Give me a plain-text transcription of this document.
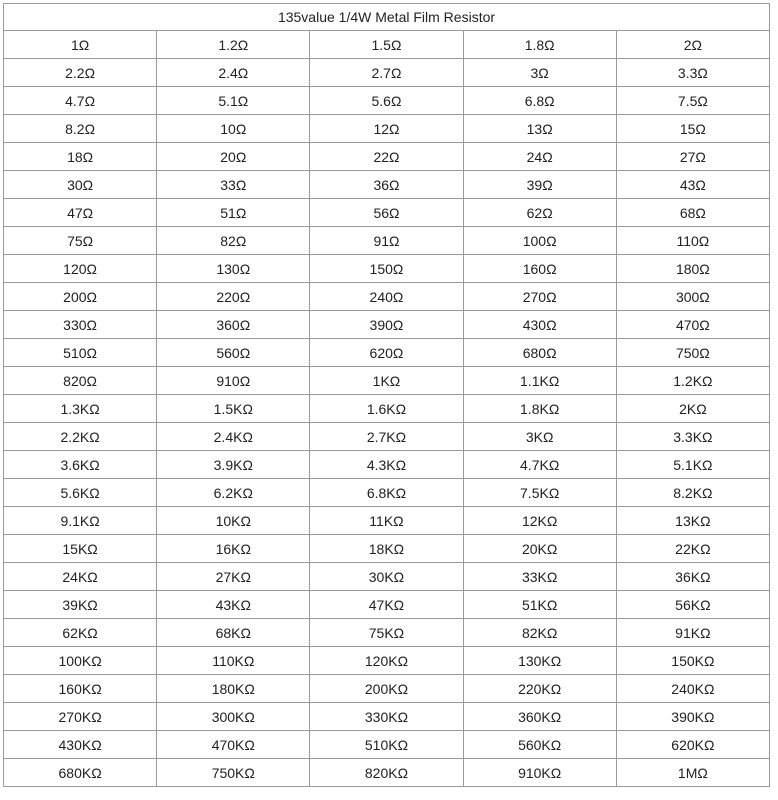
135value 1/4W Metal Film Resistor				
1Ω	1.2Ω	1.5Ω	1.8Ω	2Ω
2.2Ω	2.4Ω	2.7Ω	3Ω	3.3Ω
4.7Ω	5.1Ω	5.6Ω	6.8Ω	7.5Ω
8.2Ω	10Ω	12Ω	13Ω	15Ω
18Ω	20Ω	22Ω	24Ω	27Ω
30Ω	33Ω	36Ω	39Ω	43Ω
47Ω	51Ω	56Ω	62Ω	68Ω
75Ω	82Ω	91Ω	100Ω	110Ω
120Ω	130Ω	150Ω	160Ω	180Ω
200Ω	220Ω	240Ω	270Ω	300Ω
330Ω	360Ω	390Ω	430Ω	470Ω
510Ω	560Ω	620Ω	680Ω	750Ω
820Ω	910Ω	1KΩ	1.1KΩ	1.2KΩ
1.3KΩ	1.5KΩ	1.6KΩ	1.8KΩ	2KΩ
2.2KΩ	2.4KΩ	2.7KΩ	3KΩ	3.3KΩ
3.6KΩ	3.9KΩ	4.3KΩ	4.7KΩ	5.1KΩ
5.6KΩ	6.2KΩ	6.8KΩ	7.5KΩ	8.2KΩ
9.1KΩ	10KΩ	11KΩ	12KΩ	13KΩ
15KΩ	16KΩ	18KΩ	20KΩ	22KΩ
24KΩ	27KΩ	30KΩ	33KΩ	36KΩ
39KΩ	43KΩ	47KΩ	51KΩ	56KΩ
62KΩ	68KΩ	75KΩ	82KΩ	91KΩ
100KΩ	110KΩ	120KΩ	130KΩ	150KΩ
160KΩ	180KΩ	200KΩ	220KΩ	240KΩ
270KΩ	300KΩ	330KΩ	360KΩ	390KΩ
430KΩ	470KΩ	510KΩ	560KΩ	620KΩ
680KΩ	750KΩ	820KΩ	910KΩ	1MΩ
